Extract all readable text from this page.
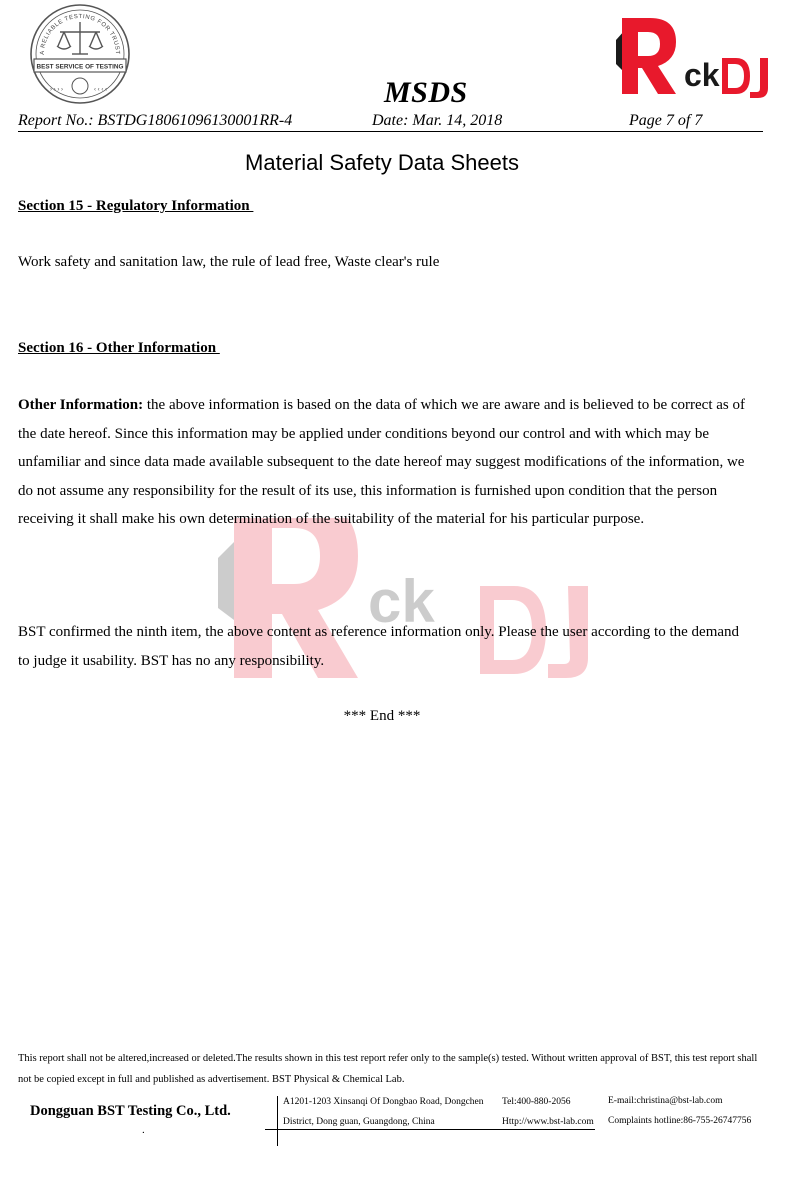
A RELIABLE TESTING FOR TRUST
BEST SERVICE OF TESTING
› › › ›	‹ ‹ ‹ ‹	ck
ck
MSDS
Report No.: BSTDG18061096130001RR-4	Date: Mar. 14, 2018	Page 7 of 7
Material Safety Data Sheets
Section 15 - Regulatory Information
Work safety and sanitation law, the rule of lead free, Waste clear's rule
Section 16 - Other Information
Other Information: the above information is based on the data of which we are aware and is believed to be correct as of the date hereof. Since this information may be applied under conditions beyond our control and with which may be unfamiliar and since data made available subsequent to the date hereof may suggest modifications of the information, we do not assume any responsibility for the result of its use, this information is furnished upon condition that the person receiving it shall make his own determination of the suitability of the material for his particular purpose.
BST confirmed the ninth item, the above content as reference information only. Please the user according to the demand to judge it usability. BST has no any responsibility.
*** End ***
This report shall not be altered,increased or deleted.The results shown in this test report refer only to the sample(s) tested. Without written approval of BST, this test report shall not be copied except in full and published as advertisement. BST Physical & Chemical Lab.
Dongguan BST Testing Co., Ltd.
.
A1201-1203 Xinsanqi Of Dongbao Road, Dongchen
District, Dong guan, Guangdong, China
Tel:400-880-2056
Http://www.bst-lab.com
E-mail:christina@bst-lab.com
Complaints hotline:86-755-26747756
